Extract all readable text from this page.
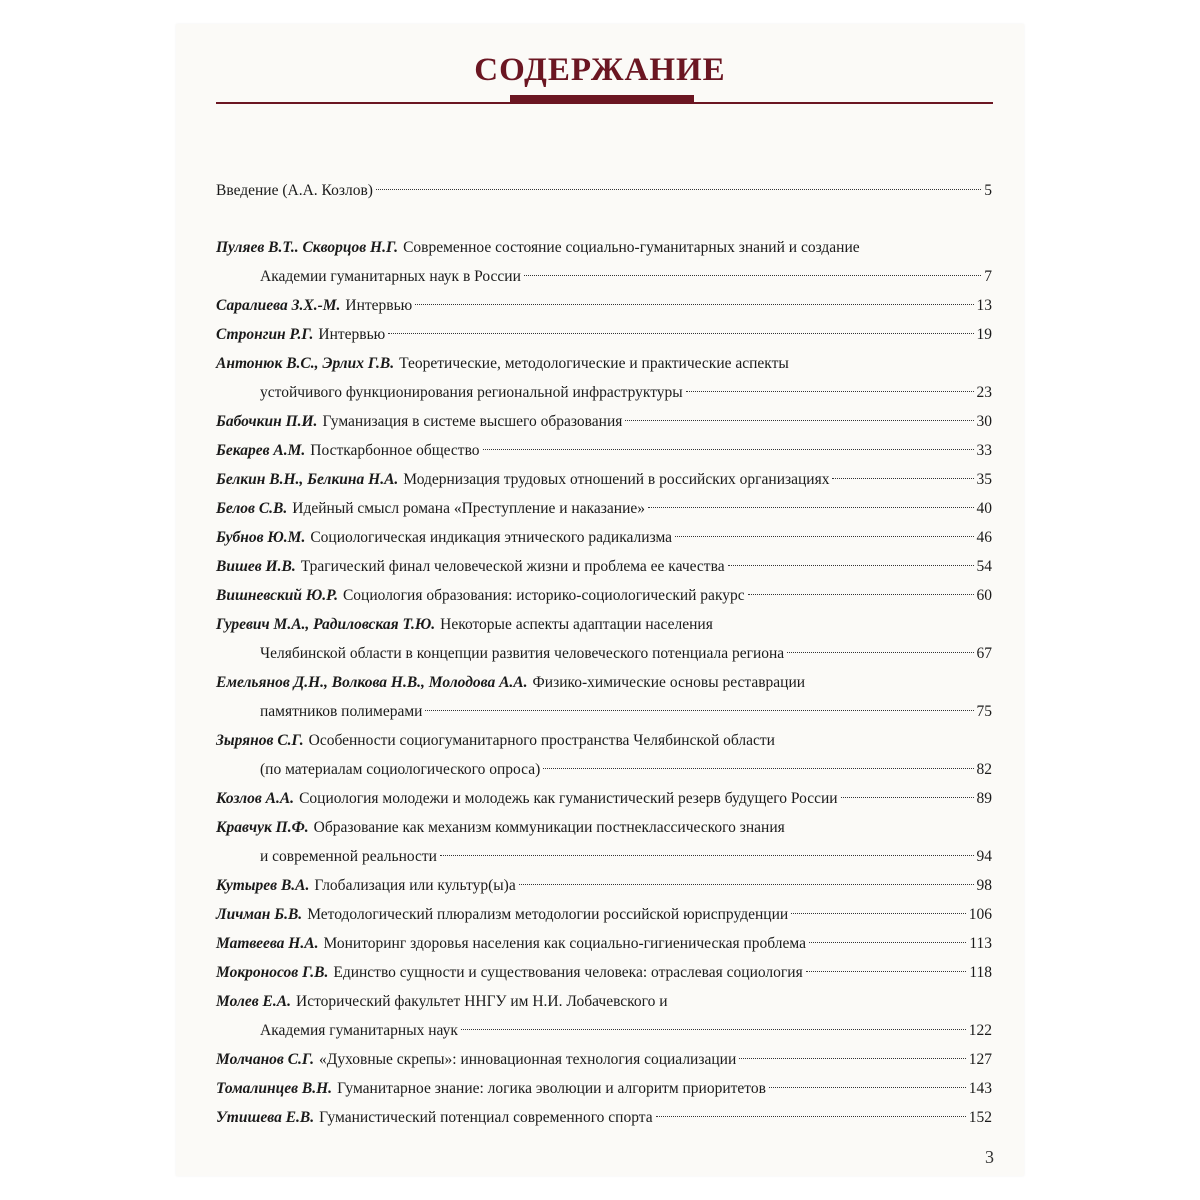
СОДЕРЖАНИЕ
Введение (А.А. Козлов)	5
Пуляев В.Т.. Скворцов Н.Г. Современное состояние социально-гуманитарных знаний и создание
Академии гуманитарных наук в России	7
Саралиева З.Х.-М. Интервью	13
Стронгин Р.Г. Интервью	19
Антонюк В.С., Эрлих Г.В. Теоретические, методологические и практические аспекты
устойчивого функционирования региональной инфраструктуры	23
Бабочкин П.И. Гуманизация в системе высшего образования	30
Бекарев А.М. Посткарбонное общество	33
Белкин В.Н., Белкина Н.А. Модернизация трудовых отношений в российских организациях	35
Белов С.В. Идейный смысл романа «Преступление и наказание»	40
Бубнов Ю.М. Социологическая индикация этнического радикализма	46
Вишев И.В. Трагический финал человеческой жизни и проблема ее качества	54
Вишневский Ю.Р. Социология образования: историко-социологический ракурс	60
Гуревич М.А., Радиловская Т.Ю. Некоторые аспекты адаптации населения
Челябинской области в концепции развития человеческого потенциала региона	67
Емельянов Д.Н., Волкова Н.В., Молодова А.А. Физико-химические основы реставрации
памятников полимерами	75
Зырянов С.Г. Особенности социогуманитарного пространства Челябинской области
(по материалам социологического опроса)	82
Козлов А.А. Социология молодежи и молодежь как гуманистический резерв будущего России	89
Кравчук П.Ф. Образование как механизм коммуникации постнеклассического знания
и современной реальности	94
Кутырев В.А. Глобализация или культур(ы)а	98
Личман Б.В. Методологический плюрализм методологии российской юриспруденции	106
Матвеева Н.А. Мониторинг здоровья населения как социально-гигиеническая проблема	113
Мокроносов Г.В. Единство сущности и существования человека: отраслевая социология	118
Молев Е.А. Исторический факультет ННГУ им Н.И. Лобачевского и
Академия гуманитарных наук	122
Молчанов С.Г. «Духовные скрепы»: инновационная технология социализации	127
Томалинцев В.Н. Гуманитарное знание: логика эволюции и алгоритм приоритетов	143
Утишева Е.В. Гуманистический потенциал современного спорта	152
3
